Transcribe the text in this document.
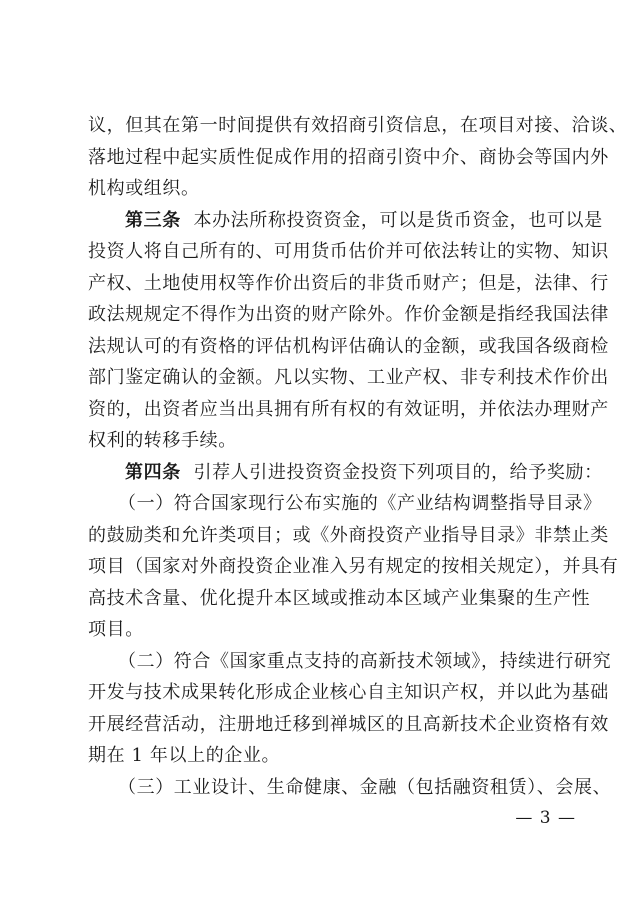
议，但其在第一时间提供有效招商引资信息，在项目对接、洽谈、
落地过程中起实质性促成作用的招商引资中介、商协会等国内外
机构或组织。
第三条 本办法所称投资资金，可以是货币资金，也可以是
投资人将自己所有的、可用货币估价并可依法转让的实物、知识
产权、土地使用权等作价出资后的非货币财产；但是，法律、行
政法规规定不得作为出资的财产除外。作价金额是指经我国法律
法规认可的有资格的评估机构评估确认的金额，或我国各级商检
部门鉴定确认的金额。凡以实物、工业产权、非专利技术作价出
资的，出资者应当出具拥有所有权的有效证明，并依法办理财产
权利的转移手续。
第四条 引荐人引进投资资金投资下列项目的，给予奖励：
（一）符合国家现行公布实施的《产业结构调整指导目录》
的鼓励类和允许类项目；或《外商投资产业指导目录》非禁止类
项目（国家对外商投资企业准入另有规定的按相关规定），并具有
高技术含量、优化提升本区域或推动本区域产业集聚的生产性
项目。
（二）符合《国家重点支持的高新技术领域》，持续进行研究
开发与技术成果转化形成企业核心自主知识产权，并以此为基础
开展经营活动，注册地迁移到禅城区的且高新技术企业资格有效
期在 1 年以上的企业。
（三）工业设计、生命健康、金融（包括融资租赁）、会展、
— 3 —
